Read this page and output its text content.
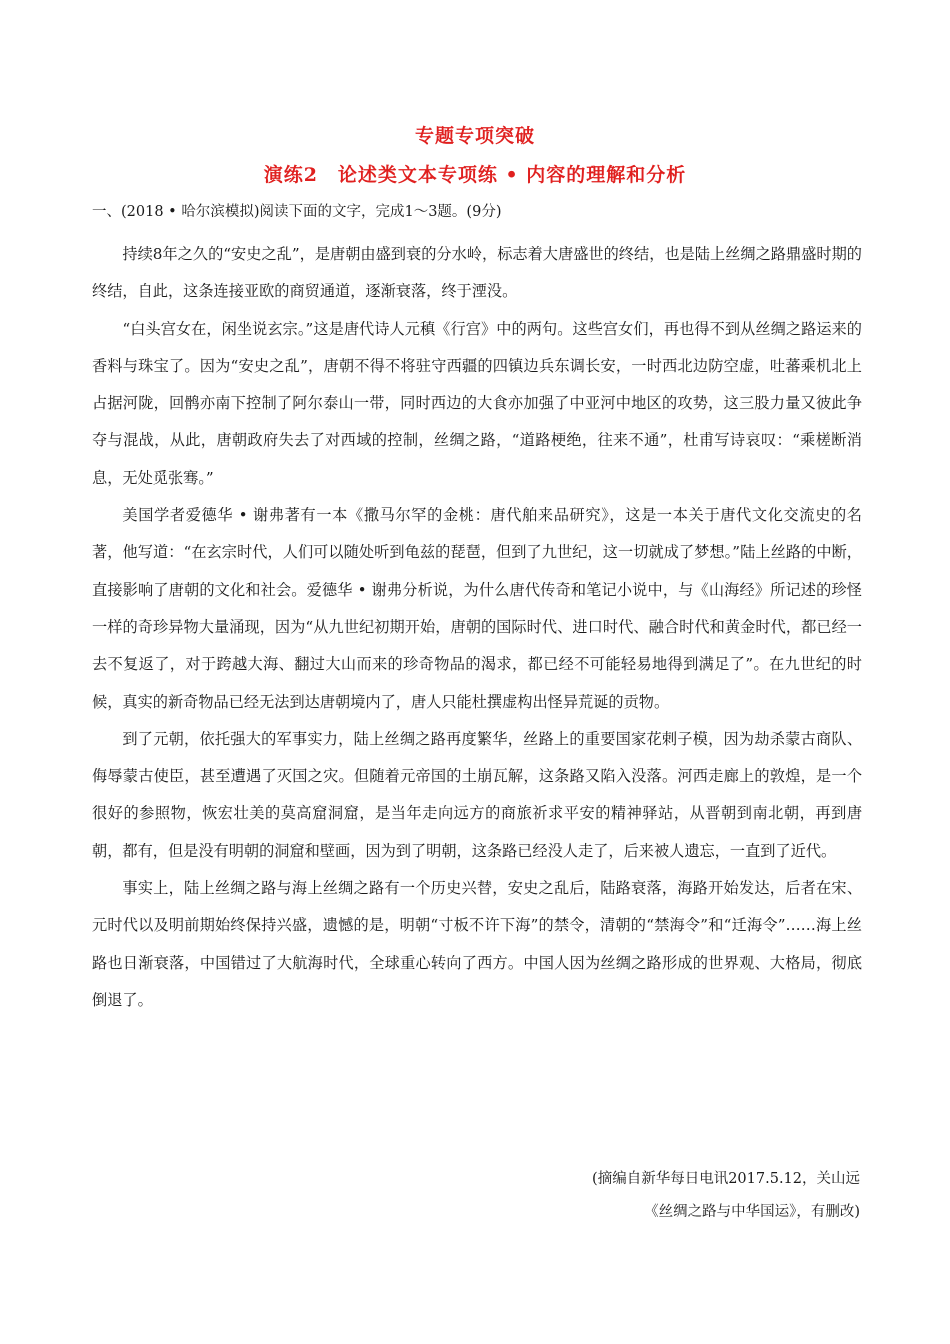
专题专项突破
演练2　论述类文本专项练 • 内容的理解和分析
一、(2018 • 哈尔滨模拟)阅读下面的文字，完成1～3题。(9分)

持续8年之久的“安史之乱”，是唐朝由盛到衰的分水岭，标志着大唐盛世的终结，也是陆上丝绸之路鼎盛时期的终结，自此，这条连接亚欧的商贸通道，逐渐衰落，终于湮没。

“白头宫女在，闲坐说玄宗。”这是唐代诗人元稹《行宫》中的两句。这些宫女们，再也得不到从丝绸之路运来的香料与珠宝了。因为“安史之乱”，唐朝不得不将驻守西疆的四镇边兵东调长安，一时西北边防空虚，吐蕃乘机北上占据河陇，回鹘亦南下控制了阿尔泰山一带，同时西边的大食亦加强了中亚河中地区的攻势，这三股力量又彼此争夺与混战，从此，唐朝政府失去了对西域的控制，丝绸之路，“道路梗绝，往来不通”，杜甫写诗哀叹：“乘槎断消息，无处觅张骞。”

美国学者爱德华 • 谢弗著有一本《撒马尔罕的金桃：唐代舶来品研究》，这是一本关于唐代文化交流史的名著，他写道：“在玄宗时代，人们可以随处听到龟兹的琵琶，但到了九世纪，这一切就成了梦想。”陆上丝路的中断，直接影响了唐朝的文化和社会。爱德华 • 谢弗分析说，为什么唐代传奇和笔记小说中，与《山海经》所记述的珍怪一样的奇珍异物大量涌现，因为“从九世纪初期开始，唐朝的国际时代、进口时代、融合时代和黄金时代，都已经一去不复返了，对于跨越大海、翻过大山而来的珍奇物品的渴求，都已经不可能轻易地得到满足了”。在九世纪的时候，真实的新奇物品已经无法到达唐朝境内了，唐人只能杜撰虚构出怪异荒诞的贡物。

到了元朝，依托强大的军事实力，陆上丝绸之路再度繁华，丝路上的重要国家花剌子模，因为劫杀蒙古商队、侮辱蒙古使臣，甚至遭遇了灭国之灾。但随着元帝国的土崩瓦解，这条路又陷入没落。河西走廊上的敦煌，是一个很好的参照物，恢宏壮美的莫高窟洞窟，是当年走向远方的商旅祈求平安的精神驿站，从晋朝到南北朝，再到唐朝，都有，但是没有明朝的洞窟和壁画，因为到了明朝，这条路已经没人走了，后来被人遗忘，一直到了近代。

事实上，陆上丝绸之路与海上丝绸之路有一个历史兴替，安史之乱后，陆路衰落，海路开始发达，后者在宋、元时代以及明前期始终保持兴盛，遗憾的是，明朝“寸板不许下海”的禁令，清朝的“禁海令”和“迁海令”……海上丝路也日渐衰落，中国错过了大航海时代，全球重心转向了西方。中国人因为丝绸之路形成的世界观、大格局，彻底倒退了。

(摘编自新华每日电讯2017.5.12，关山远
《丝绸之路与中华国运》，有删改)
